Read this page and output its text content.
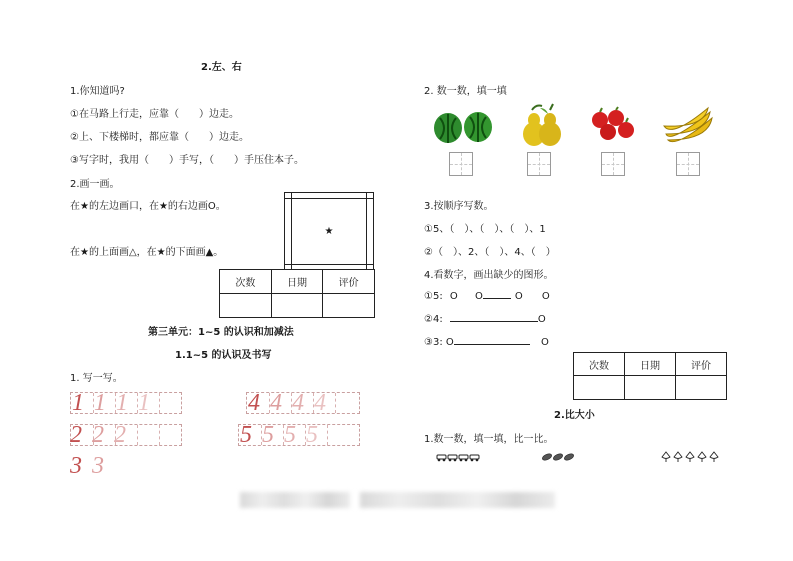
2.左、右
1.你知道吗?
①在马路上行走，应靠（　　）边走。
②上、下楼梯时，都应靠（　　）边走。
③写字时，我用（　　）手写，（　　）手压住本子。
2.画一画。
在★的左边画口，在★的右边画O。
在★的上面画△，在★的下面画▲。

	★	

次数	日期	评价

第三单元：1~5 的认识和加减法
1.1~5 的认识及书写
1. 写一写。
1 1 1 1
2 2 2
3 3
4 4 4 4
5 5 5 5
2. 数一数，填一填
3.按顺序写数。
①5、（　）、（　）、（　）、1
②（　）、2、（　）、4、（　）
4.看数字，画出缺少的图形。
①5: O O	O O
②4:	O
③3: O	O
次数	日期	评价

2.比大小
1.数一数，填一填，比一比。
